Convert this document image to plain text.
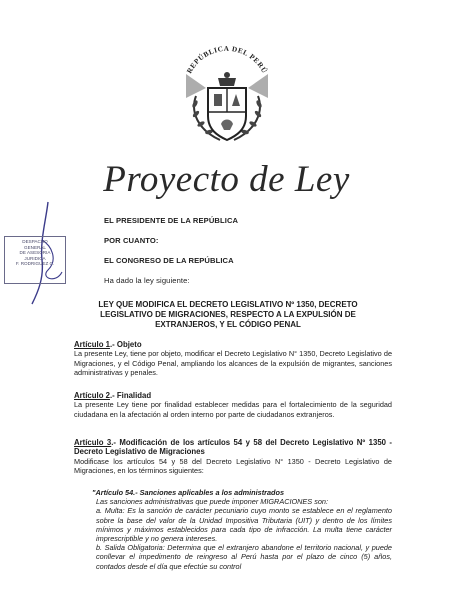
REPÚBLICA DEL PERÚ
Proyecto de Ley
DESPACHO
GENERAL
DE ASESORIA
JURIDICA
F. RODRIGUEZ C.
EL PRESIDENTE DE LA REPÚBLICA
POR CUANTO:
EL CONGRESO DE LA REPÚBLICA
Ha dado la ley siguiente:
LEY QUE MODIFICA EL DECRETO LEGISLATIVO Nº 1350, DECRETO LEGISLATIVO DE MIGRACIONES, RESPECTO A LA EXPULSIÓN DE EXTRANJEROS, Y EL CÓDIGO PENAL
Artículo 1.- Objeto
La presente Ley, tiene por objeto, modificar el Decreto Legislativo N° 1350, Decreto Legislativo de Migraciones, y el Código Penal, ampliando los alcances de la expulsión de migrantes, sanciones administrativas y penales.
Artículo 2.- Finalidad
La presente Ley tiene por finalidad establecer medidas para el fortalecimiento de la seguridad ciudadana en la afectación al orden interno por parte de ciudadanos extranjeros.
Artículo 3.- Modificación de los artículos 54 y 58 del Decreto Legislativo Nº 1350 - Decreto Legislativo de Migraciones
Modificase los artículos 54 y 58 del Decreto Legislativo N° 1350 - Decreto Legislativo de Migraciones, en los términos siguientes:
"Artículo 54.- Sanciones aplicables a los administrados
Las sanciones administrativas que puede imponer MIGRACIONES son:
a. Multa: Es la sanción de carácter pecuniario cuyo monto se establece en el reglamento sobre la base del valor de la Unidad Impositiva Tributaria (UIT) y dentro de los límites mínimos y máximos establecidos para cada tipo de infracción. La multa tiene carácter imprescriptible y no genera intereses.
b. Salida Obligatoria: Determina que el extranjero abandone el territorio nacional, y puede conllevar el impedimento de reingreso al Perú hasta por el plazo de cinco (5) años, contados desde el día que efectúe su control
